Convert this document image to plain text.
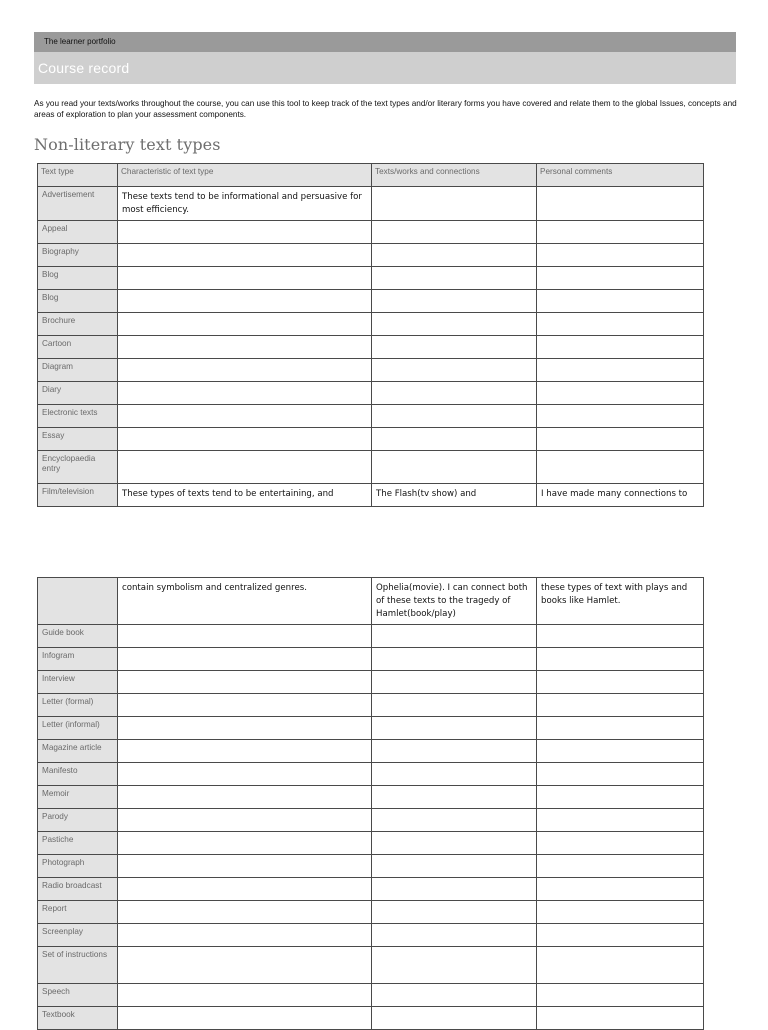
The learner portfolio
Course record
As you read your texts/works throughout the course, you can use this tool to keep track of the text types and/or literary forms you have covered and relate them to the global Issues, concepts and areas of exploration to plan your assessment components.
Non-literary text types
Text type	Characteristic of text type	Texts/works and connections	Personal comments

Advertisement	These texts tend to be informational and persuasive for most efficiency.		

Appeal			

Biography			

Blog			

Blog			

Brochure			

Cartoon			

Diagram			

Diary			

Electronic texts			

Essay			

Encyclopaedia entry			

Film/television	These types of texts tend to be entertaining, and	The Flash(tv show) and	I have made many connections to

	contain symbolism and centralized genres.	Ophelia(movie). I can connect both of these texts to the tragedy of Hamlet(book/play)	these types of text with plays and books like Hamlet.

Guide book			

Infogram			

Interview			

Letter (formal)			

Letter (informal)			

Magazine article			

Manifesto			

Memoir			

Parody			

Pastiche			

Photograph			

Radio broadcast			

Report			

Screenplay			

Set of instructions			

Speech			

Textbook			
